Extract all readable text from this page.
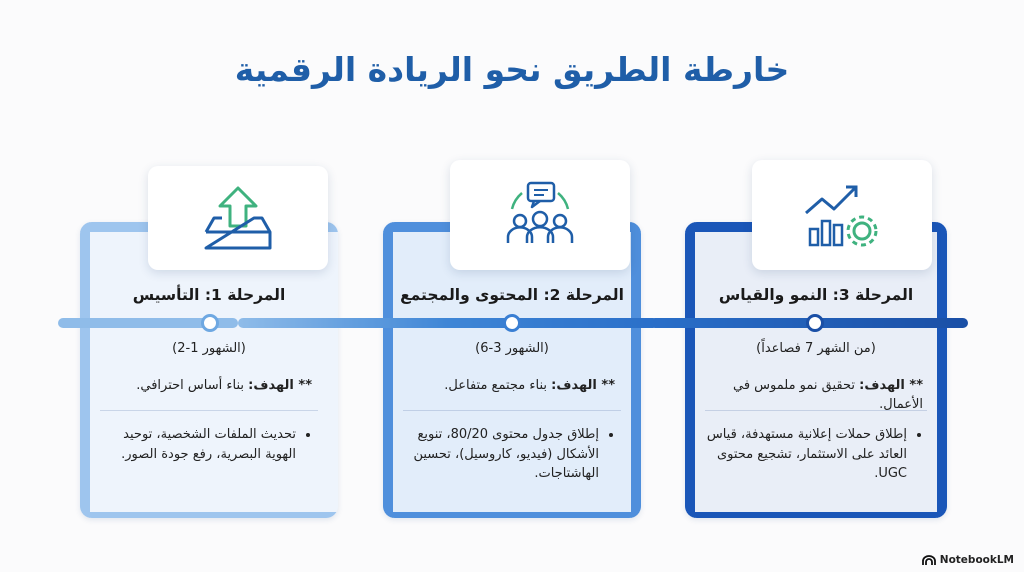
خارطة الطريق نحو الريادة الرقمية
المرحلة 1: التأسيس	المرحلة 2: المحتوى والمجتمع	المرحلة 3: النمو والقياس
(الشهور 1-2)	(الشهور 3-6)	(من الشهر 7 فصاعداً)
** الهدف: بناء أساس احترافي.	** الهدف: بناء مجتمع متفاعل.	** الهدف: تحقيق نمو ملموس في الأعمال.
• تحديث الملفات الشخصية، توحيد الهوية البصرية، رفع جودة الصور.
• إطلاق جدول محتوى 80/20، تنويع الأشكال (فيديو، كاروسيل)، تحسين الهاشتاجات.
• إطلاق حملات إعلانية مستهدفة، قياس العائد على الاستثمار، تشجيع محتوى UGC.
NotebookLM
